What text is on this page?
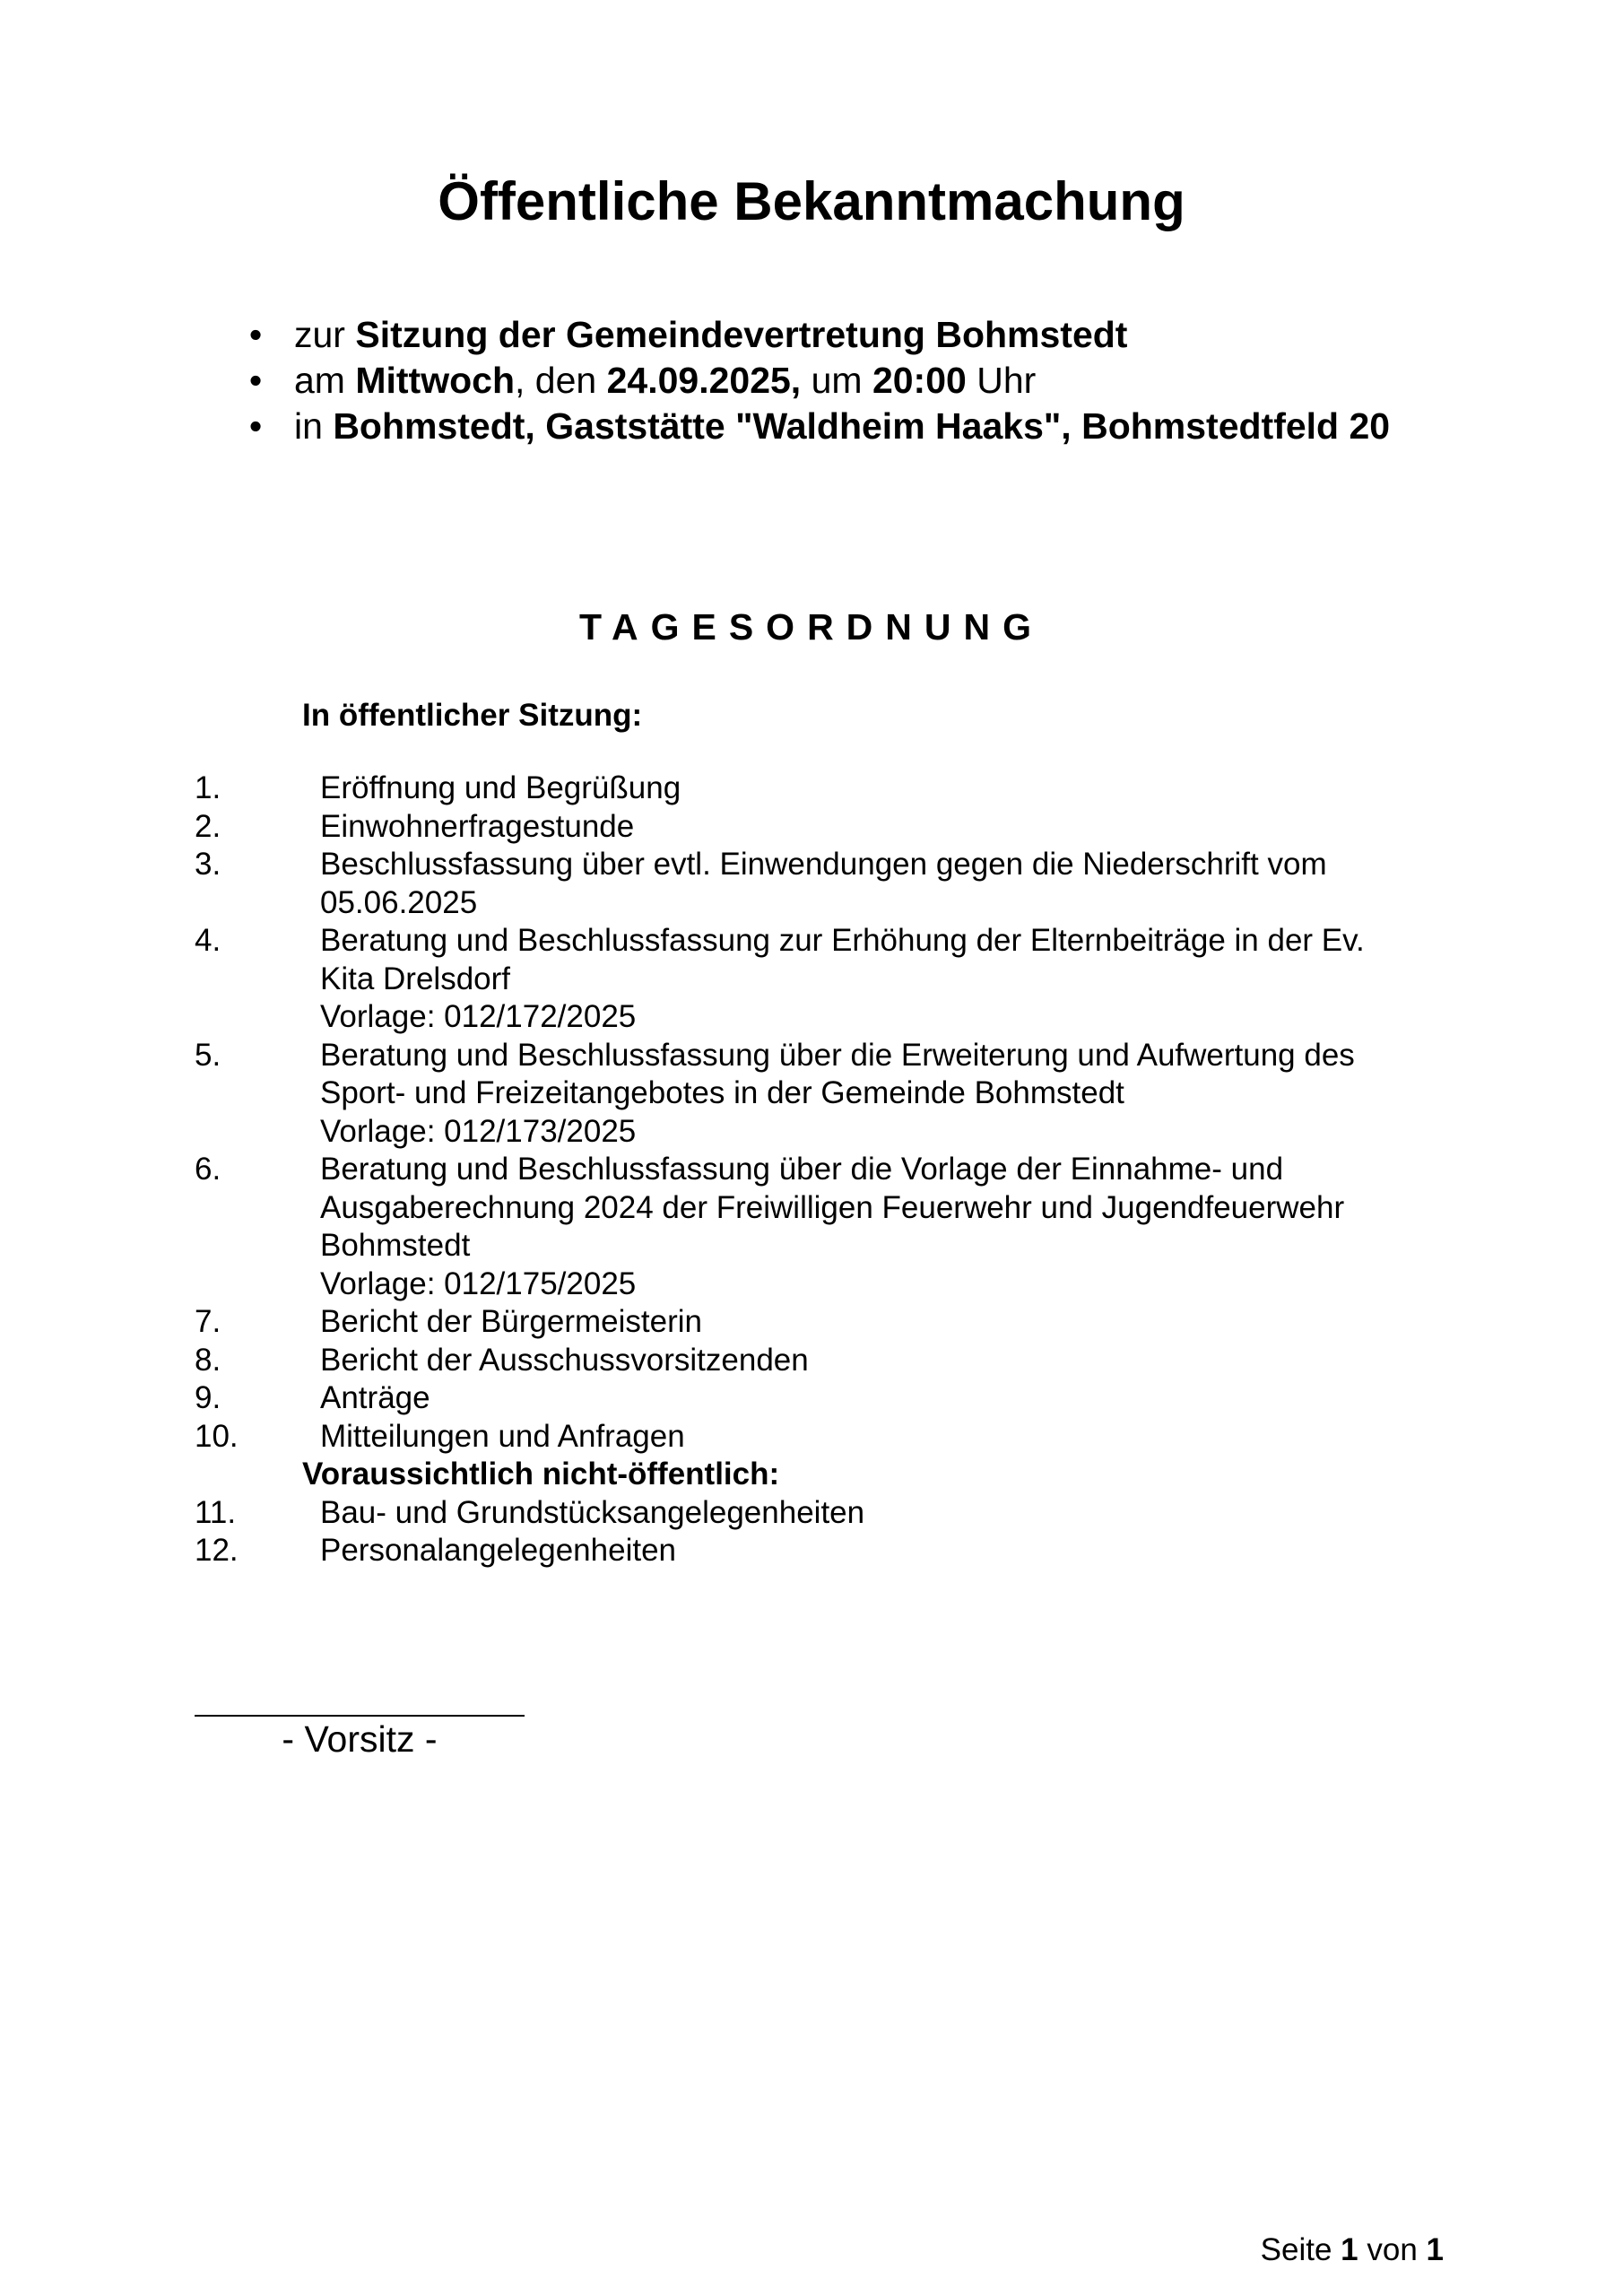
Öffentliche Bekanntmachung
• zur Sitzung der Gemeindevertretung Bohmstedt
• am Mittwoch, den 24.09.2025, um 20:00 Uhr
• in Bohmstedt, Gaststätte "Waldheim Haaks", Bohmstedtfeld 20
TAGESORDNUNG
In öffentlicher Sitzung:
1.	Eröffnung und Begrüßung
2.	Einwohnerfragestunde
3.	Beschlussfassung über evtl. Einwendungen gegen die Niederschrift vom
05.06.2025
4.	Beratung und Beschlussfassung zur Erhöhung der Elternbeiträge in der Ev.
Kita Drelsdorf
Vorlage: 012/172/2025
5.	Beratung und Beschlussfassung über die Erweiterung und Aufwertung des
Sport- und Freizeitangebotes in der Gemeinde Bohmstedt
Vorlage: 012/173/2025
6.	Beratung und Beschlussfassung über die Vorlage der Einnahme- und
Ausgaberechnung 2024 der Freiwilligen Feuerwehr und Jugendfeuerwehr
Bohmstedt
Vorlage: 012/175/2025
7.	Bericht der Bürgermeisterin
8.	Bericht der Ausschussvorsitzenden
9.	Anträge
10.	Mitteilungen und Anfragen
Voraussichtlich nicht-öffentlich:
11.	Bau- und Grundstücksangelegenheiten
12.	Personalangelegenheiten
- Vorsitz -
Seite 1 von 1
